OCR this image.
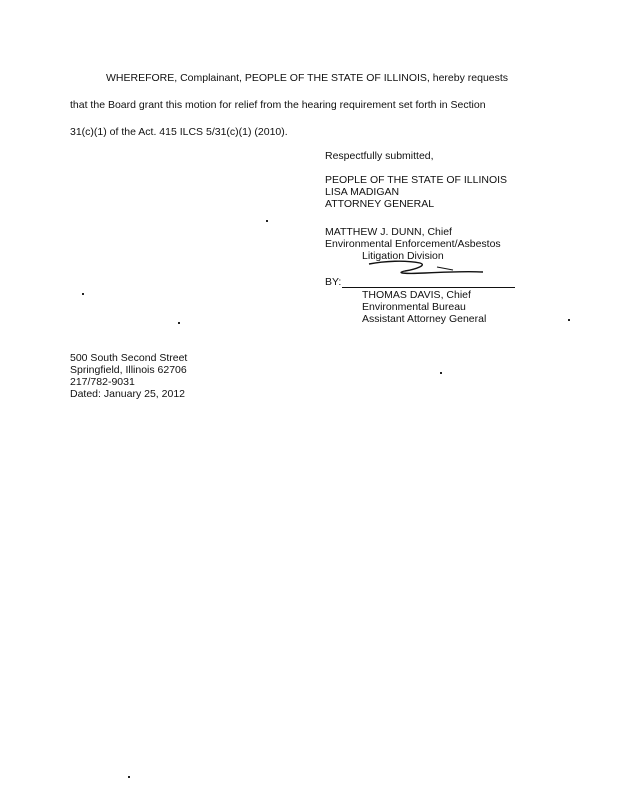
WHEREFORE, Complainant, PEOPLE OF THE STATE OF ILLINOIS, hereby requests
that the Board grant this motion for relief from the hearing requirement set forth in Section
31(c)(1) of the Act. 415 ILCS 5/31(c)(1) (2010).
Respectfully submitted,
PEOPLE OF THE STATE OF ILLINOIS
LISA MADIGAN
ATTORNEY GENERAL
MATTHEW J. DUNN, Chief
Environmental Enforcement/Asbestos
Litigation Division
BY:
THOMAS DAVIS, Chief
Environmental Bureau
Assistant Attorney General
500 South Second Street
Springfield, Illinois 62706
217/782-9031
Dated: January 25, 2012
